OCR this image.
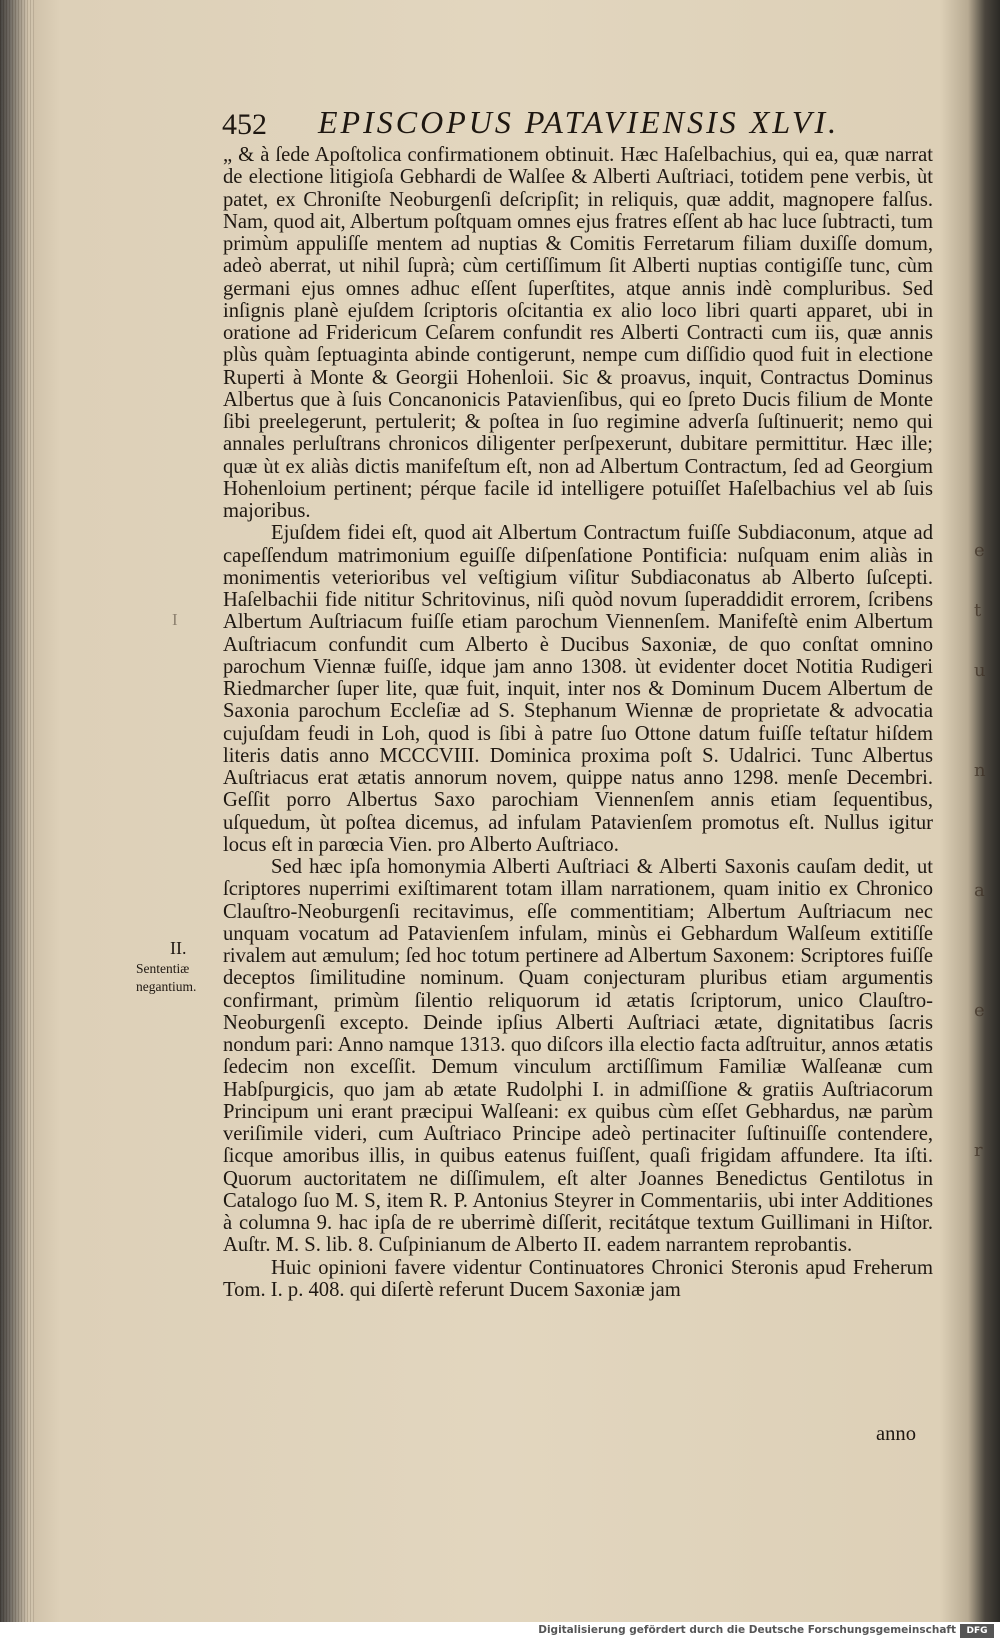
e
t
u
n
a
e
r
452 EPISCOPUS PATAVIENSIS XLVI.

„ & à ſede Apoſtolica confirmationem obtinuit. Hæc Haſelbachius, qui ea, quæ narrat de electione litigioſa Gebhardi de Walſee & Alberti Auſtriaci, totidem pene verbis, ùt patet, ex Chroniſte Neoburgenſi deſcripſit; in reliquis, quæ addit, magnopere falſus. Nam, quod ait, Albertum poſtquam omnes ejus fratres eſſent ab hac luce ſubtracti, tum primùm appuliſſe mentem ad nuptias & Comitis Ferretarum filiam duxiſſe domum, adeò aberrat, ut nihil ſuprà; cùm certiſſimum ſit Alberti nuptias contigiſſe tunc, cùm germani ejus omnes adhuc eſſent ſuperſtites, atque annis indè compluribus. Sed inſignis planè ejuſdem ſcriptoris oſcitantia ex alio loco libri quarti apparet, ubi in oratione ad Fridericum Ceſarem confundit res Alberti Contracti cum iis, quæ annis plùs quàm ſeptuaginta abinde contigerunt, nempe cum diſſidio quod fuit in electione Ruperti à Monte & Georgii Hohenloii. Sic & proavus, inquit, Contractus Dominus Albertus que à ſuis Concanonicis Patavienſibus, qui eo ſpreto Ducis filium de Monte ſibi preelegerunt, pertulerit; & poſtea in ſuo regimine adverſa ſuſtinuerit; nemo qui annales perluſtrans chronicos diligenter perſpexerunt, dubitare permittitur. Hæc ille; quæ ùt ex aliàs dictis manifeſtum eſt, non ad Albertum Contractum, ſed ad Georgium Hohenloium pertinent; pérque facile id intelligere potuiſſet Haſelbachius vel ab ſuis majoribus.

Ejuſdem fidei eſt, quod ait Albertum Contractum fuiſſe Subdiaconum, atque ad capeſſendum matrimonium eguiſſe diſpenſatione Pontificia: nuſquam enim aliàs in monimentis veterioribus vel veſtigium viſitur Subdiaconatus ab Alberto ſuſcepti. Haſelbachii fide nititur Schritovinus, niſi quòd novum ſuperaddidit errorem, ſcribens Albertum Auſtriacum fuiſſe etiam parochum Viennenſem. Manifeſtè enim Albertum Auſtriacum confundit cum Alberto è Ducibus Saxoniæ, de quo conſtat omnino parochum Viennæ fuiſſe, idque jam anno 1308. ùt evidenter docet Notitia Rudigeri Riedmarcher ſuper lite, quæ fuit, inquit, inter nos & Dominum Ducem Albertum de Saxonia parochum Eccleſiæ ad S. Stephanum Wiennæ de proprietate & advocatia cujuſdam feudi in Loh, quod is ſibi à patre ſuo Ottone datum fuiſſe teſtatur hiſdem literis datis anno MCCCVIII. Dominica proxima poſt S. Udalrici. Tunc Albertus Auſtriacus erat ætatis annorum novem, quippe natus anno 1298. menſe Decembri. Geſſit porro Albertus Saxo parochiam Viennenſem annis etiam ſequentibus, uſquedum, ùt poſtea dicemus, ad infulam Patavienſem promotus eſt. Nullus igitur locus eſt in parœcia Vien. pro Alberto Auſtriaco.

Sed hæc ipſa homonymia Alberti Auſtriaci & Alberti Saxonis cauſam dedit, ut ſcriptores nuperrimi exiſtimarent totam illam narrationem, quam initio ex Chronico Clauſtro-Neoburgenſi recitavimus, eſſe commentitiam; Albertum Auſtriacum nec unquam vocatum ad Patavienſem infulam, minùs ei Gebhardum Walſeum extitiſſe rivalem aut æmulum; ſed hoc totum pertinere ad Albertum Saxonem: Scriptores fuiſſe deceptos ſimilitudine nominum. Quam conjecturam pluribus etiam argumentis confirmant, primùm ſilentio reliquorum id ætatis ſcriptorum, unico Clauſtro-Neoburgenſi excepto. Deinde ipſius Alberti Auſtriaci ætate, dignitatibus ſacris nondum pari: Anno namque 1313. quo diſcors illa electio facta adſtruitur, annos ætatis ſedecim non exceſſit. Demum vinculum arctiſſimum Familiæ Walſeanæ cum Habſpurgicis, quo jam ab ætate Rudolphi I. in admiſſione & gratiis Auſtriacorum Principum uni erant præcipui Walſeani: ex quibus cùm eſſet Gebhardus, næ parùm veriſimile videri, cum Auſtriaco Principe adeò pertinaciter ſuſtinuiſſe contendere, ſicque amoribus illis, in quibus eatenus fuiſſent, quaſi frigidam affundere. Ita iſti. Quorum auctoritatem ne diſſimulem, eſt alter Joannes Benedictus Gentilotus in Catalogo ſuo M. S, item R. P. Antonius Steyrer in Commentariis, ubi inter Additiones à columna 9. hac ipſa de re uberrimè diſſerit, recitátque textum Guillimani in Hiſtor. Auſtr. M. S. lib. 8. Cuſpinianum de Alberto II. eadem narrantem reprobantis.

Huic opinioni favere videntur Continuatores Chronici Steronis apud Freherum Tom. I. p. 408. qui diſertè referunt Ducem Saxoniæ jam

I
II.
Sententiæ negantium.
anno
Digitalisierung gefördert durch die Deutsche Forschungsgemeinschaft	DFG
